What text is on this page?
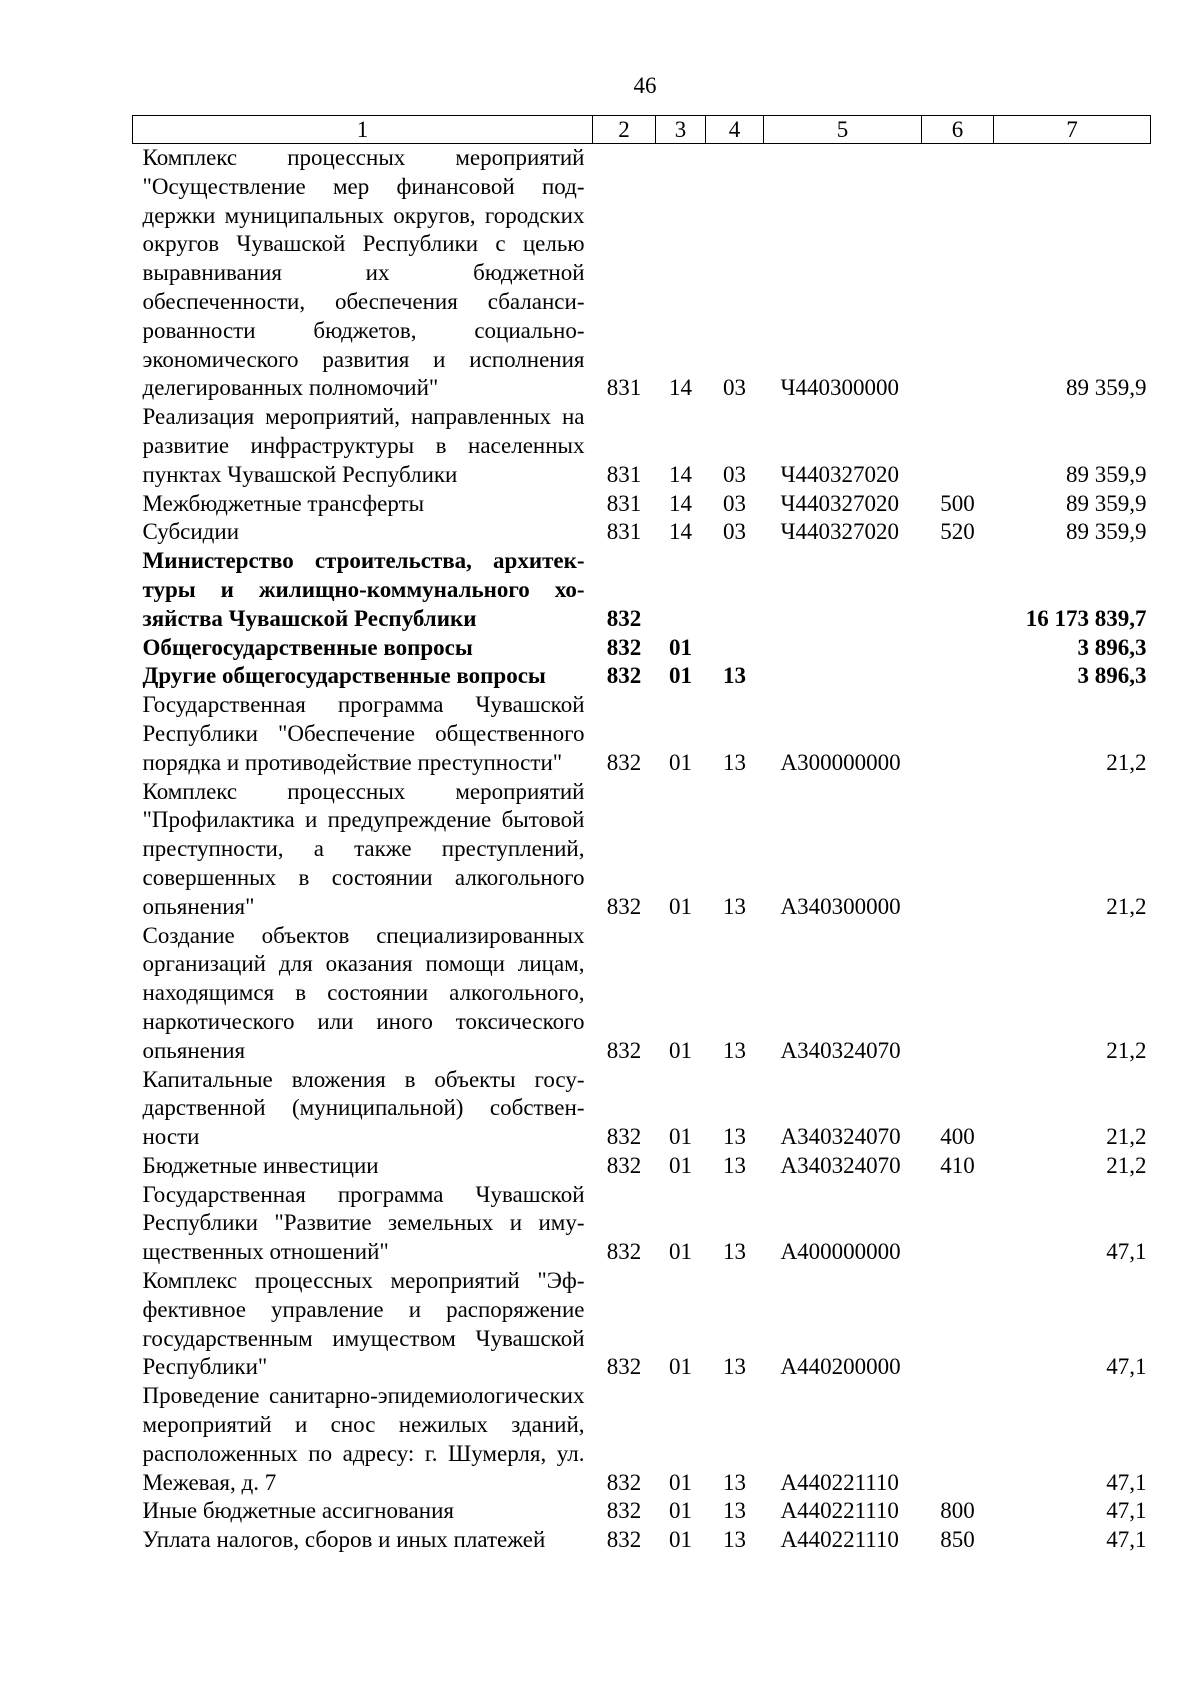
46
1	2	3	4	5	6	7
Комплекс процессных мероприятий "Осуществление мер финансовой поддержки муниципальных округов, городских округов Чувашской Республики с целью выравнивания их бюджетной обеспеченности, обеспечения сбалансированности бюджетов, социально-экономического развития и исполнения делегированных полномочий"	831	14	03	Ч440300000		89 359,9
Реализация мероприятий, направленных на развитие инфраструктуры в населенных пунктах Чувашской Республики	831	14	03	Ч440327020		89 359,9
Межбюджетные трансферты	831	14	03	Ч440327020	500	89 359,9
Субсидии	831	14	03	Ч440327020	520	89 359,9
Министерство строительства, архитектуры и жилищно-коммунального хозяйства Чувашской Республики	832					16 173 839,7
Общегосударственные вопросы	832	01				3 896,3
Другие общегосударственные вопросы	832	01	13			3 896,3
Государственная программа Чувашской Республики "Обеспечение общественного порядка и противодействие преступности"	832	01	13	А300000000		21,2
Комплекс процессных мероприятий "Профилактика и предупреждение бытовой преступности, а также преступлений, совершенных в состоянии алкогольного опьянения"	832	01	13	А340300000		21,2
Создание объектов специализированных организаций для оказания помощи лицам, находящимся в состоянии алкогольного, наркотического или иного токсического опьянения	832	01	13	А340324070		21,2
Капитальные вложения в объекты государственной (муниципальной) собственности	832	01	13	А340324070	400	21,2
Бюджетные инвестиции	832	01	13	А340324070	410	21,2
Государственная программа Чувашской Республики "Развитие земельных и имущественных отношений"	832	01	13	А400000000		47,1
Комплекс процессных мероприятий "Эффективное управление и распоряжение государственным имуществом Чувашской Республики"	832	01	13	А440200000		47,1
Проведение санитарно-эпидемиологических мероприятий и снос нежилых зданий, расположенных по адресу: г. Шумерля, ул. Межевая, д. 7	832	01	13	А440221110		47,1
Иные бюджетные ассигнования	832	01	13	А440221110	800	47,1
Уплата налогов, сборов и иных платежей	832	01	13	А440221110	850	47,1
